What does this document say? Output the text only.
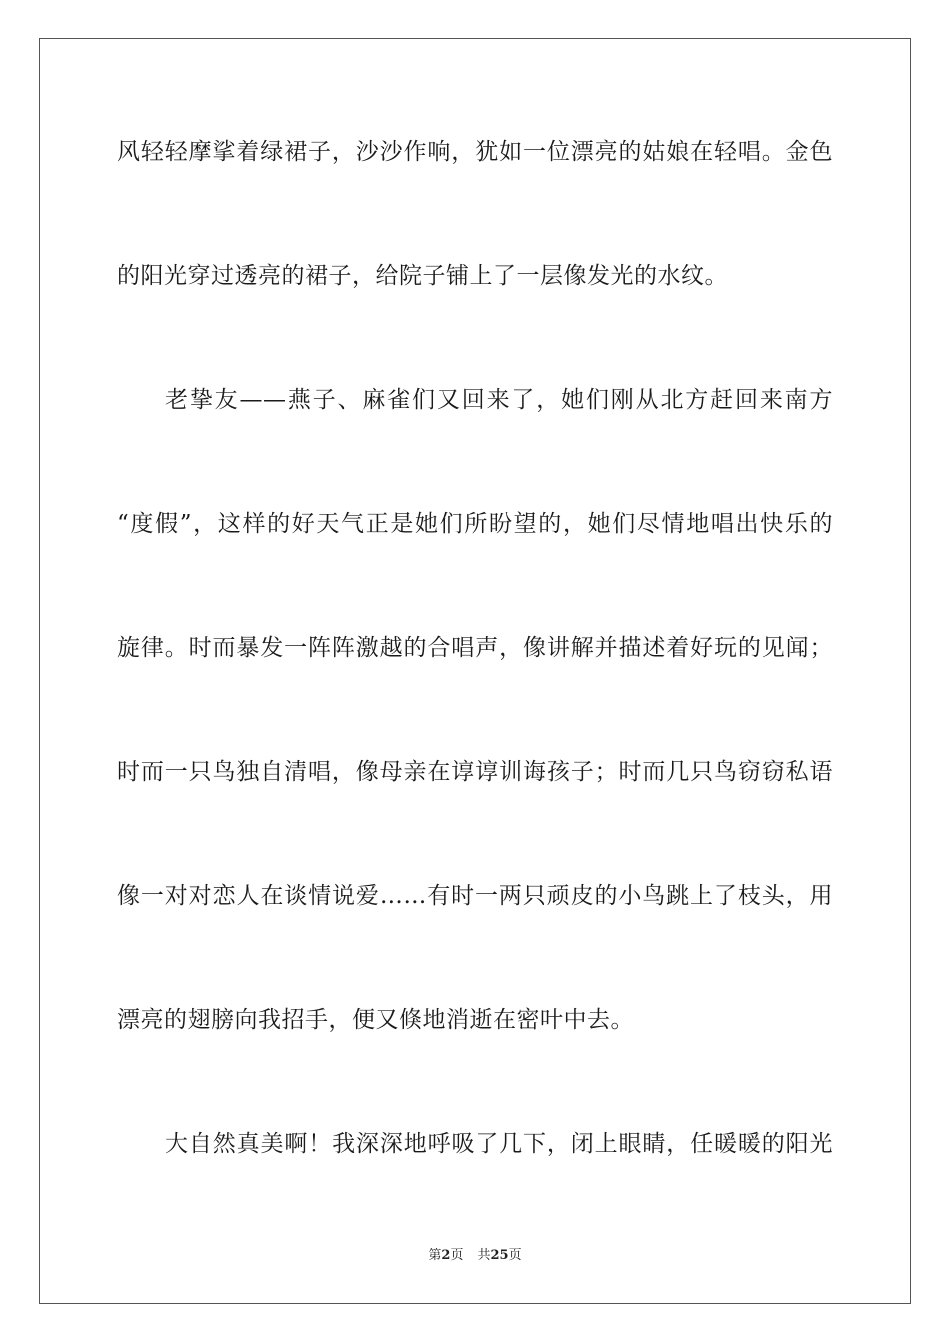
风轻轻摩挲着绿裙子，沙沙作响，犹如一位漂亮的姑娘在轻唱。金色
的阳光穿过透亮的裙子，给院子铺上了一层像发光的水纹。
老挚友——燕子、麻雀们又回来了，她们刚从北方赶回来南方
“度假”，这样的好天气正是她们所盼望的，她们尽情地唱出快乐的
旋律。时而暴发一阵阵激越的合唱声，像讲解并描述着好玩的见闻；
时而一只鸟独自清唱，像母亲在谆谆训诲孩子；时而几只鸟窃窃私语
像一对对恋人在谈情说爱……有时一两只顽皮的小鸟跳上了枝头，用
漂亮的翅膀向我招手，便又倏地消逝在密叶中去。
大自然真美啊！我深深地呼吸了几下，闭上眼睛，任暖暖的阳光
第2页 共25页
